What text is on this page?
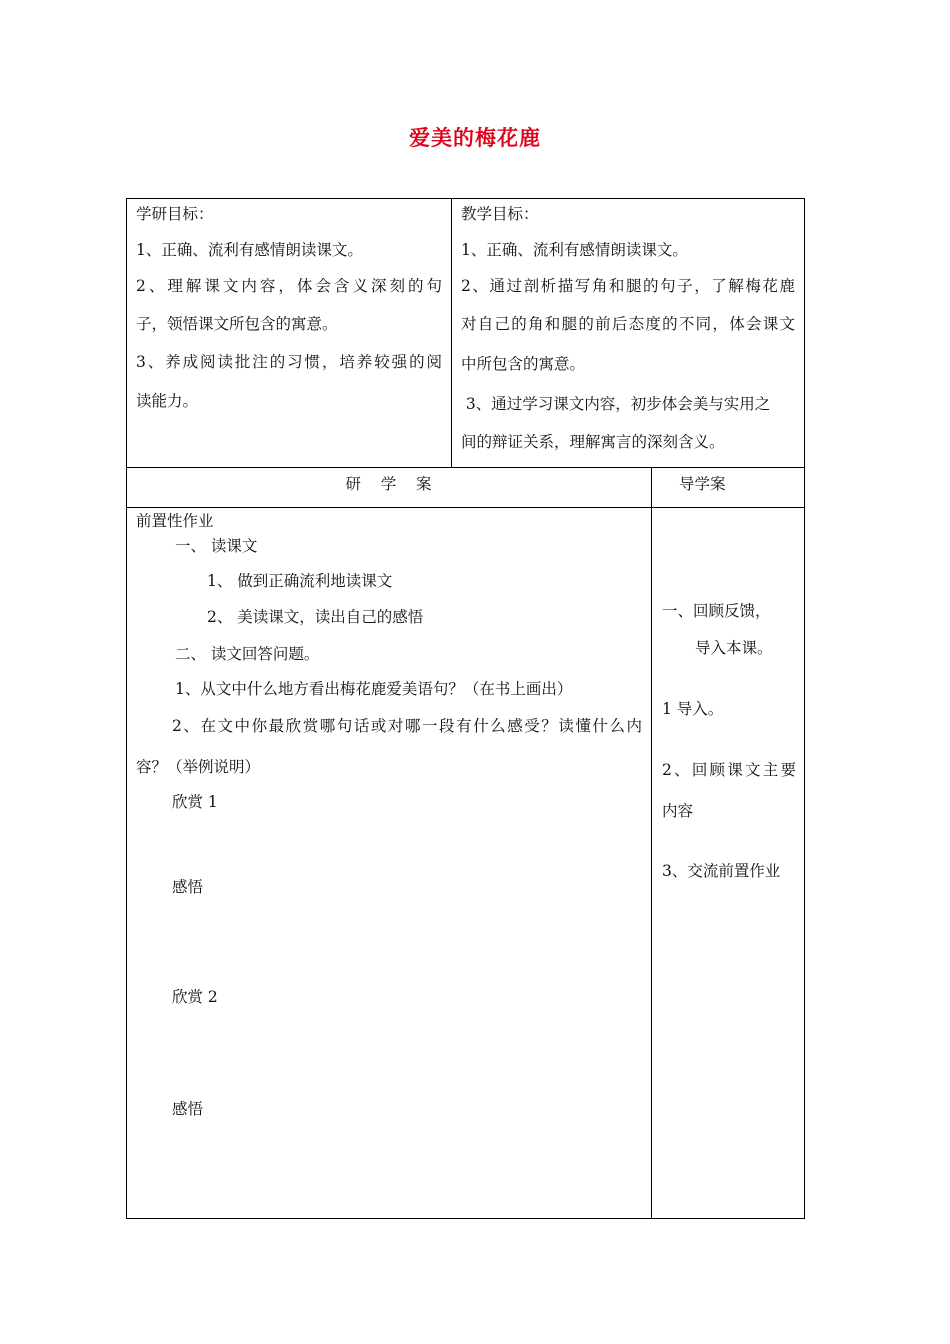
爱美的梅花鹿
学研目标：
1、正确、流利有感情朗读课文。
2、理解课文内容，体会含义深刻的句
子，领悟课文所包含的寓意。
3、养成阅读批注的习惯，培养较强的阅
读能力。
教学目标：
1、正确、流利有感情朗读课文。
2、通过剖析描写角和腿的句子，了解梅花鹿
对自己的角和腿的前后态度的不同，体会课文
中所包含的寓意。
3、通过学习课文内容，初步体会美与实用之
间的辩证关系，理解寓言的深刻含义。
研    学    案	导学案
前置性作业
一、 读课文
1、 做到正确流利地读课文
2、 美读课文，读出自己的感悟
二、 读文回答问题。
1、从文中什么地方看出梅花鹿爱美语句？（在书上画出）
2、在文中你最欣赏哪句话或对哪一段有什么感受？读懂什么内
容？（举例说明）
欣赏 1
感悟
欣赏 2
感悟
一、回顾反馈，
导入本课。
1 导入。
2、回顾课文主要
内容
3、交流前置作业
